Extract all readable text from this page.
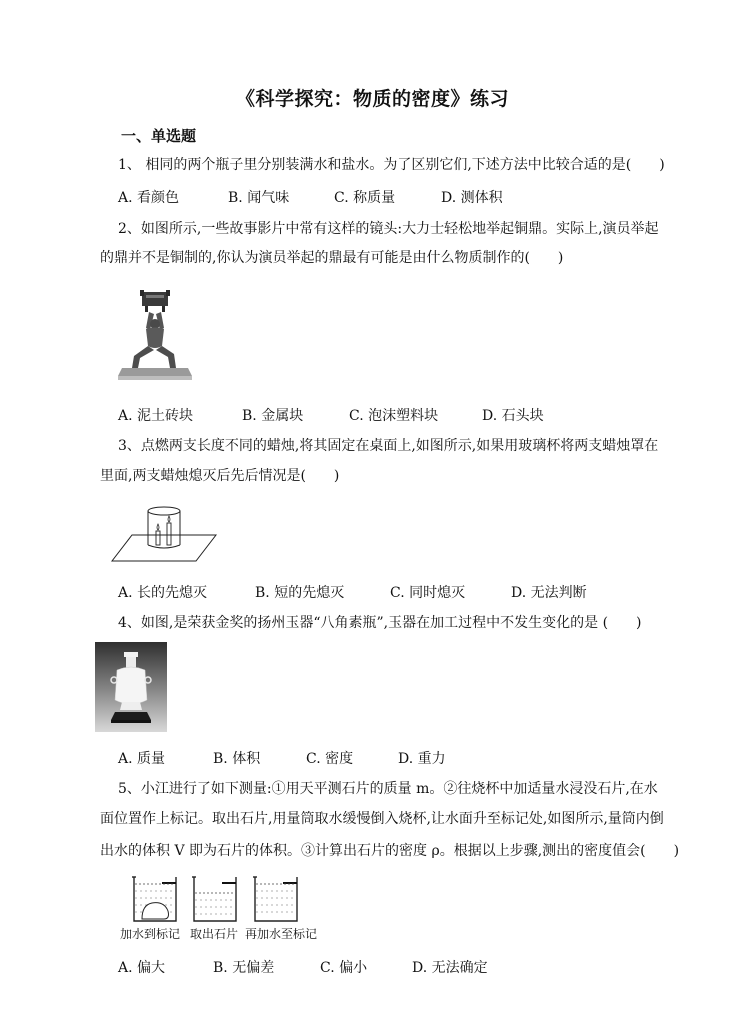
《科学探究：物质的密度》练习
一、单选题
1、 相同的两个瓶子里分别装满水和盐水。为了区别它们,下述方法中比较合适的是(　　)
A. 看颜色	B. 闻气味	C. 称质量	D. 测体积
2、如图所示,一些故事影片中常有这样的镜头:大力士轻松地举起铜鼎。实际上,演员举起
的鼎并不是铜制的,你认为演员举起的鼎最有可能是由什么物质制作的(　　)
A. 泥土砖块	B. 金属块	C. 泡沫塑料块	D. 石头块
3、点燃两支长度不同的蜡烛,将其固定在桌面上,如图所示,如果用玻璃杯将两支蜡烛罩在
里面,两支蜡烛熄灭后先后情况是(　　)
A. 长的先熄灭	B. 短的先熄灭	C. 同时熄灭	D. 无法判断
4、如图,是荣获金奖的扬州玉器“八角素瓶”,玉器在加工过程中不发生变化的是 (　　)
A. 质量	B. 体积	C. 密度	D. 重力
5、小江进行了如下测量:①用天平测石片的质量 m。②往烧杯中加适量水浸没石片,在水
面位置作上标记。取出石片,用量筒取水缓慢倒入烧杯,让水面升至标记处,如图所示,量筒内倒
出水的体积 V 即为石片的体积。③计算出石片的密度 ρ。根据以上步骤,测出的密度值会(　　)
加水到标记 取出石片 再加水至标记
A. 偏大	B. 无偏差	C. 偏小	D. 无法确定
